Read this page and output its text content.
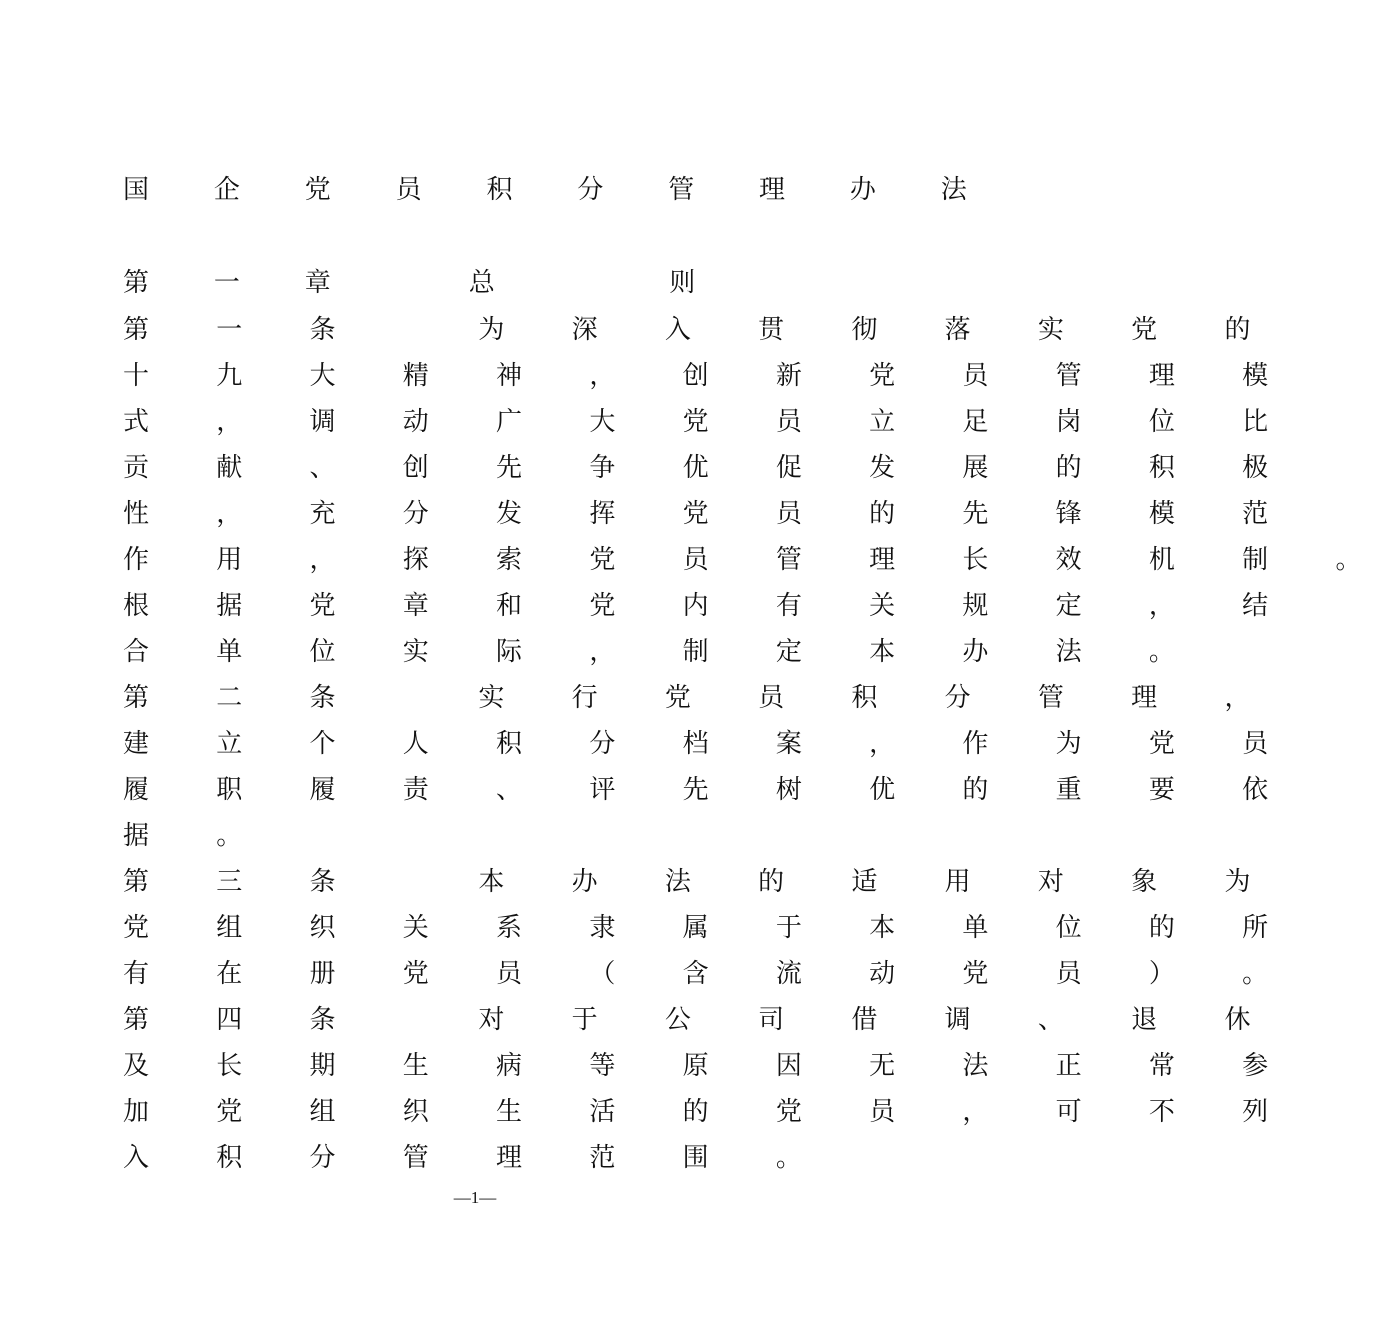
国 企 党 员 积 分 管 理 办 法
第 一 章   总    则
第 一 条   为 深 入 贯 彻 落 实 党 的
十 九 大 精 神 ， 创 新 党 员 管 理 模
式 ， 调 动 广 大 党 员 立 足 岗 位 比
贡 献 、 创 先 争 优 促 发 展 的 积 极
性 ， 充 分 发 挥 党 员 的 先 锋 模 范
作 用 ， 探 索 党 员 管 理 长 效 机 制 。
根 据 党 章 和 党 内 有 关 规 定 ， 结
合 单 位 实 际 ， 制 定 本 办 法 。
第 二 条   实 行 党 员 积 分 管 理 ，
建 立 个 人 积 分 档 案 ， 作 为 党 员
履 职 履 责 、 评 先 树 优 的 重 要 依
据 。
第 三 条   本 办 法 的 适 用 对 象 为
党 组 织 关 系 隶 属 于 本 单 位 的 所
有 在 册 党 员 （ 含 流 动 党 员 ） 。
第 四 条   对 于 公 司 借 调 、 退 休
及 长 期 生 病 等 原 因 无 法 正 常 参
加 党 组 织 生 活 的 党 员 ， 可 不 列
入 积 分 管 理 范 围 。
—1—
